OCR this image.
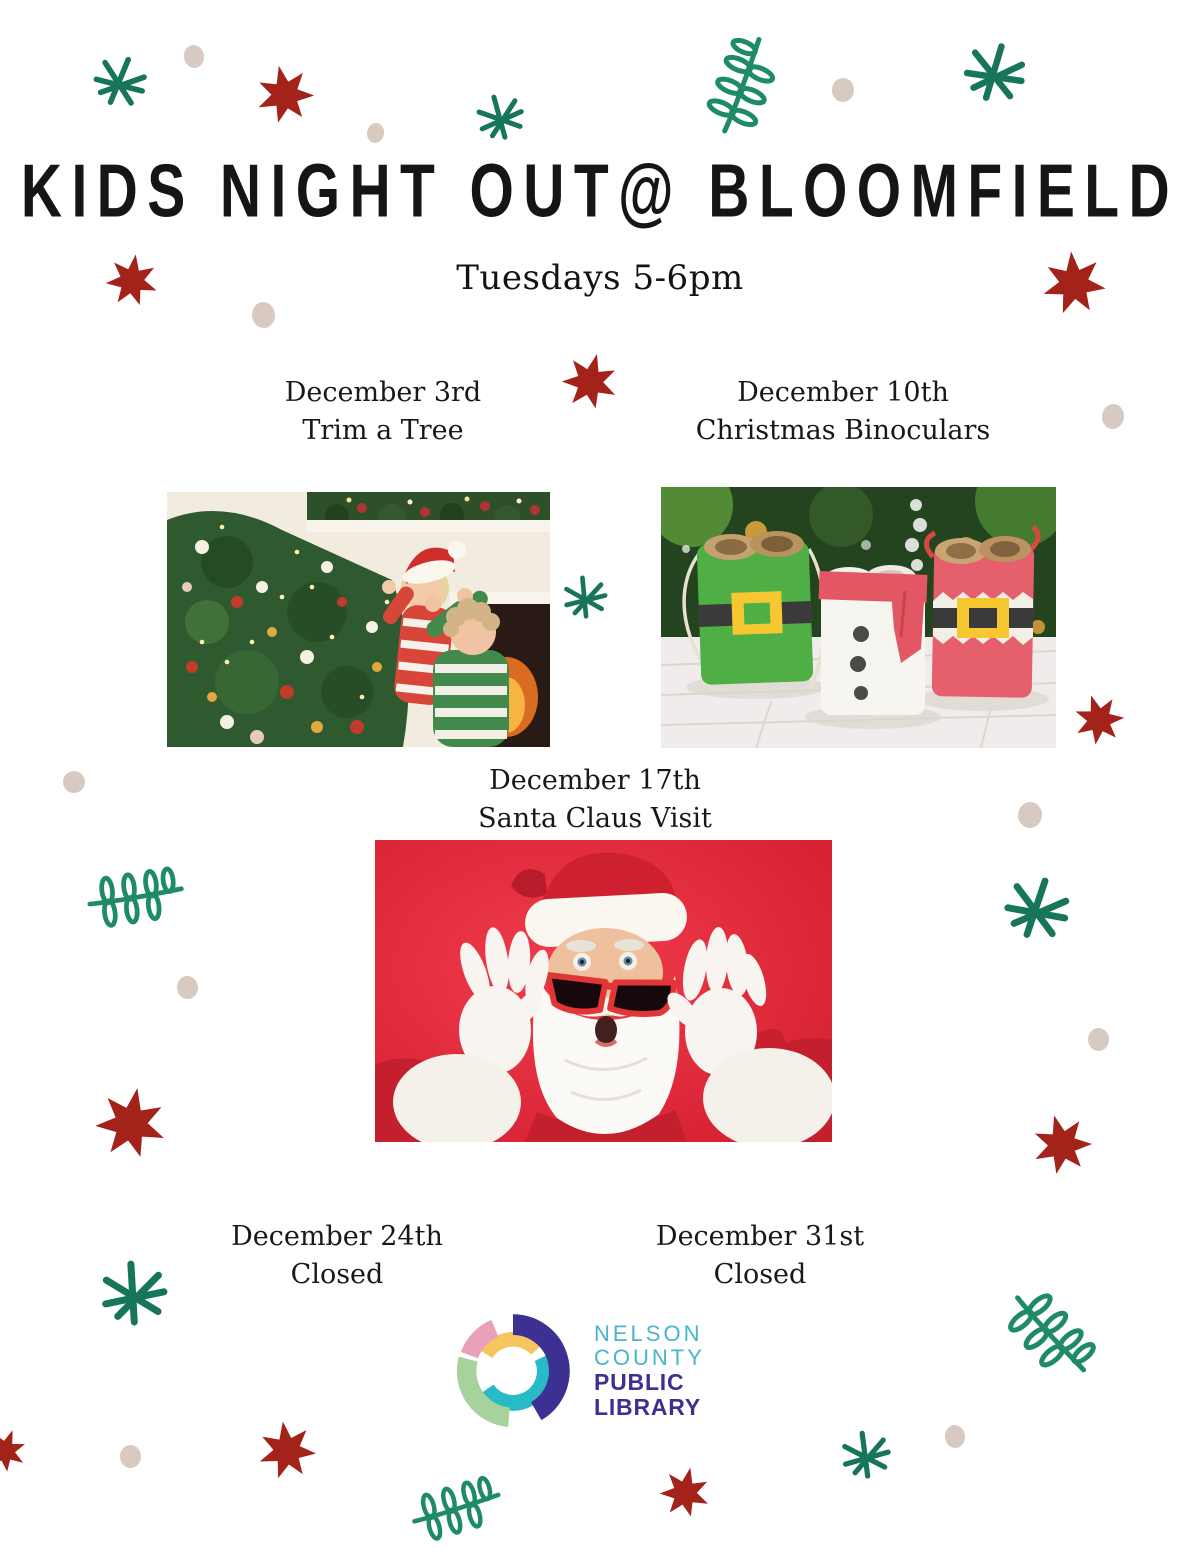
KIDS NIGHT OUT@ BLOOMFIELD
Tuesdays 5-6pm
December 3rd
Trim a Tree
December 10th
Christmas Binoculars
December 17th
Santa Claus Visit
December 24th
Closed
December 31st
Closed
NELSON
COUNTY
PUBLIC
LIBRARY
